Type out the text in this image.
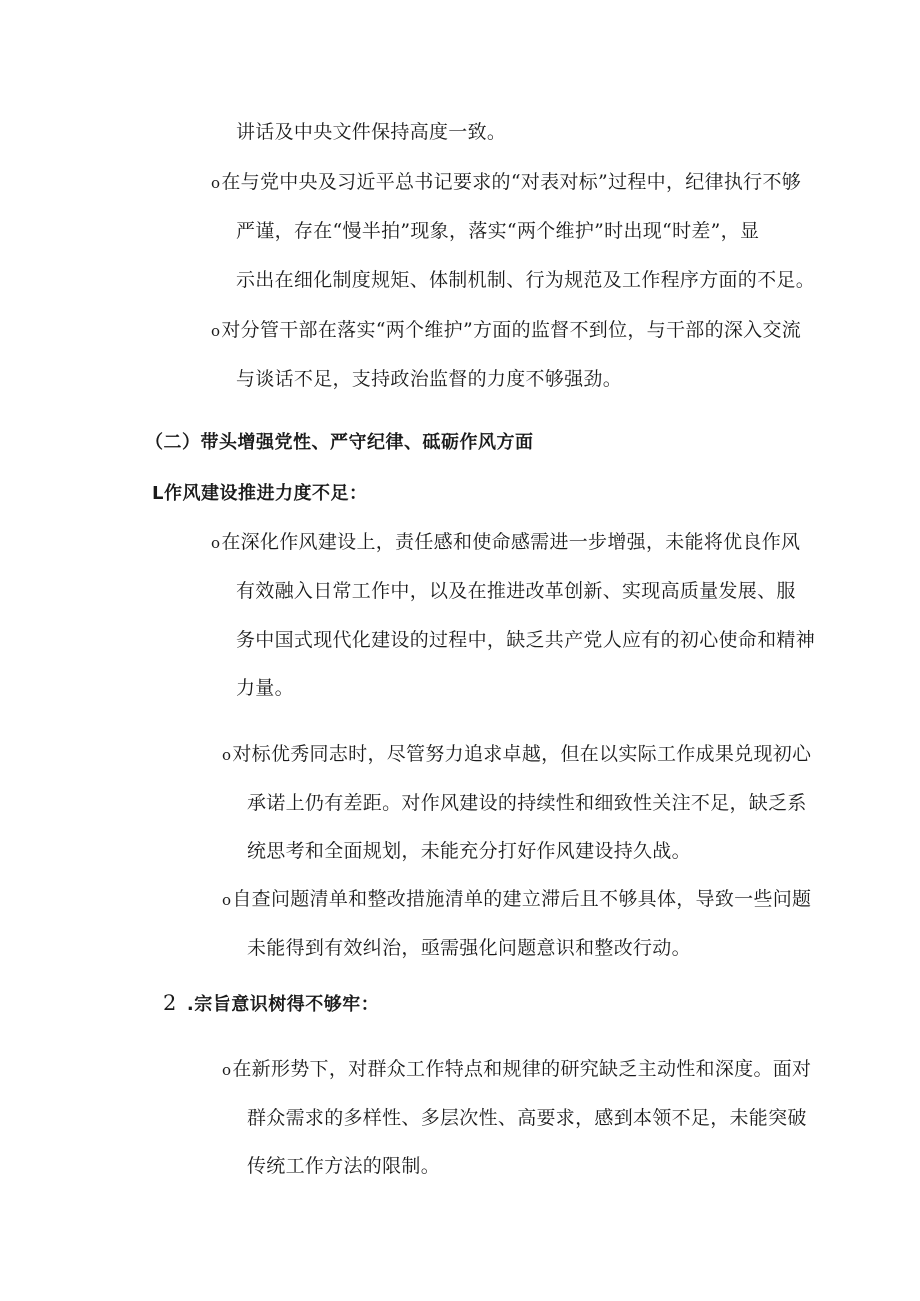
讲话及中央文件保持高度一致。
o在与党中央及习近平总书记要求的“对表对标”过程中，纪律执行不够
严谨，存在“慢半拍”现象，落实“两个维护”时出现“时差”，显
示出在细化制度规矩、体制机制、行为规范及工作程序方面的不足。
o对分管干部在落实“两个维护”方面的监督不到位，与干部的深入交流
与谈话不足，支持政治监督的力度不够强劲。
（二）带头增强党性、严守纪律、砥砺作风方面
L作风建设推进力度不足：
o在深化作风建设上，责任感和使命感需进一步增强，未能将优良作风
有效融入日常工作中，以及在推进改革创新、实现高质量发展、服
务中国式现代化建设的过程中，缺乏共产党人应有的初心使命和精神
力量。
o对标优秀同志时，尽管努力追求卓越，但在以实际工作成果兑现初心
承诺上仍有差距。对作风建设的持续性和细致性关注不足，缺乏系
统思考和全面规划，未能充分打好作风建设持久战。
o自查问题清单和整改措施清单的建立滞后且不够具体，导致一些问题
未能得到有效纠治，亟需强化问题意识和整改行动。
2 .宗旨意识树得不够牢：
o在新形势下，对群众工作特点和规律的研究缺乏主动性和深度。面对
群众需求的多样性、多层次性、高要求，感到本领不足，未能突破
传统工作方法的限制。
